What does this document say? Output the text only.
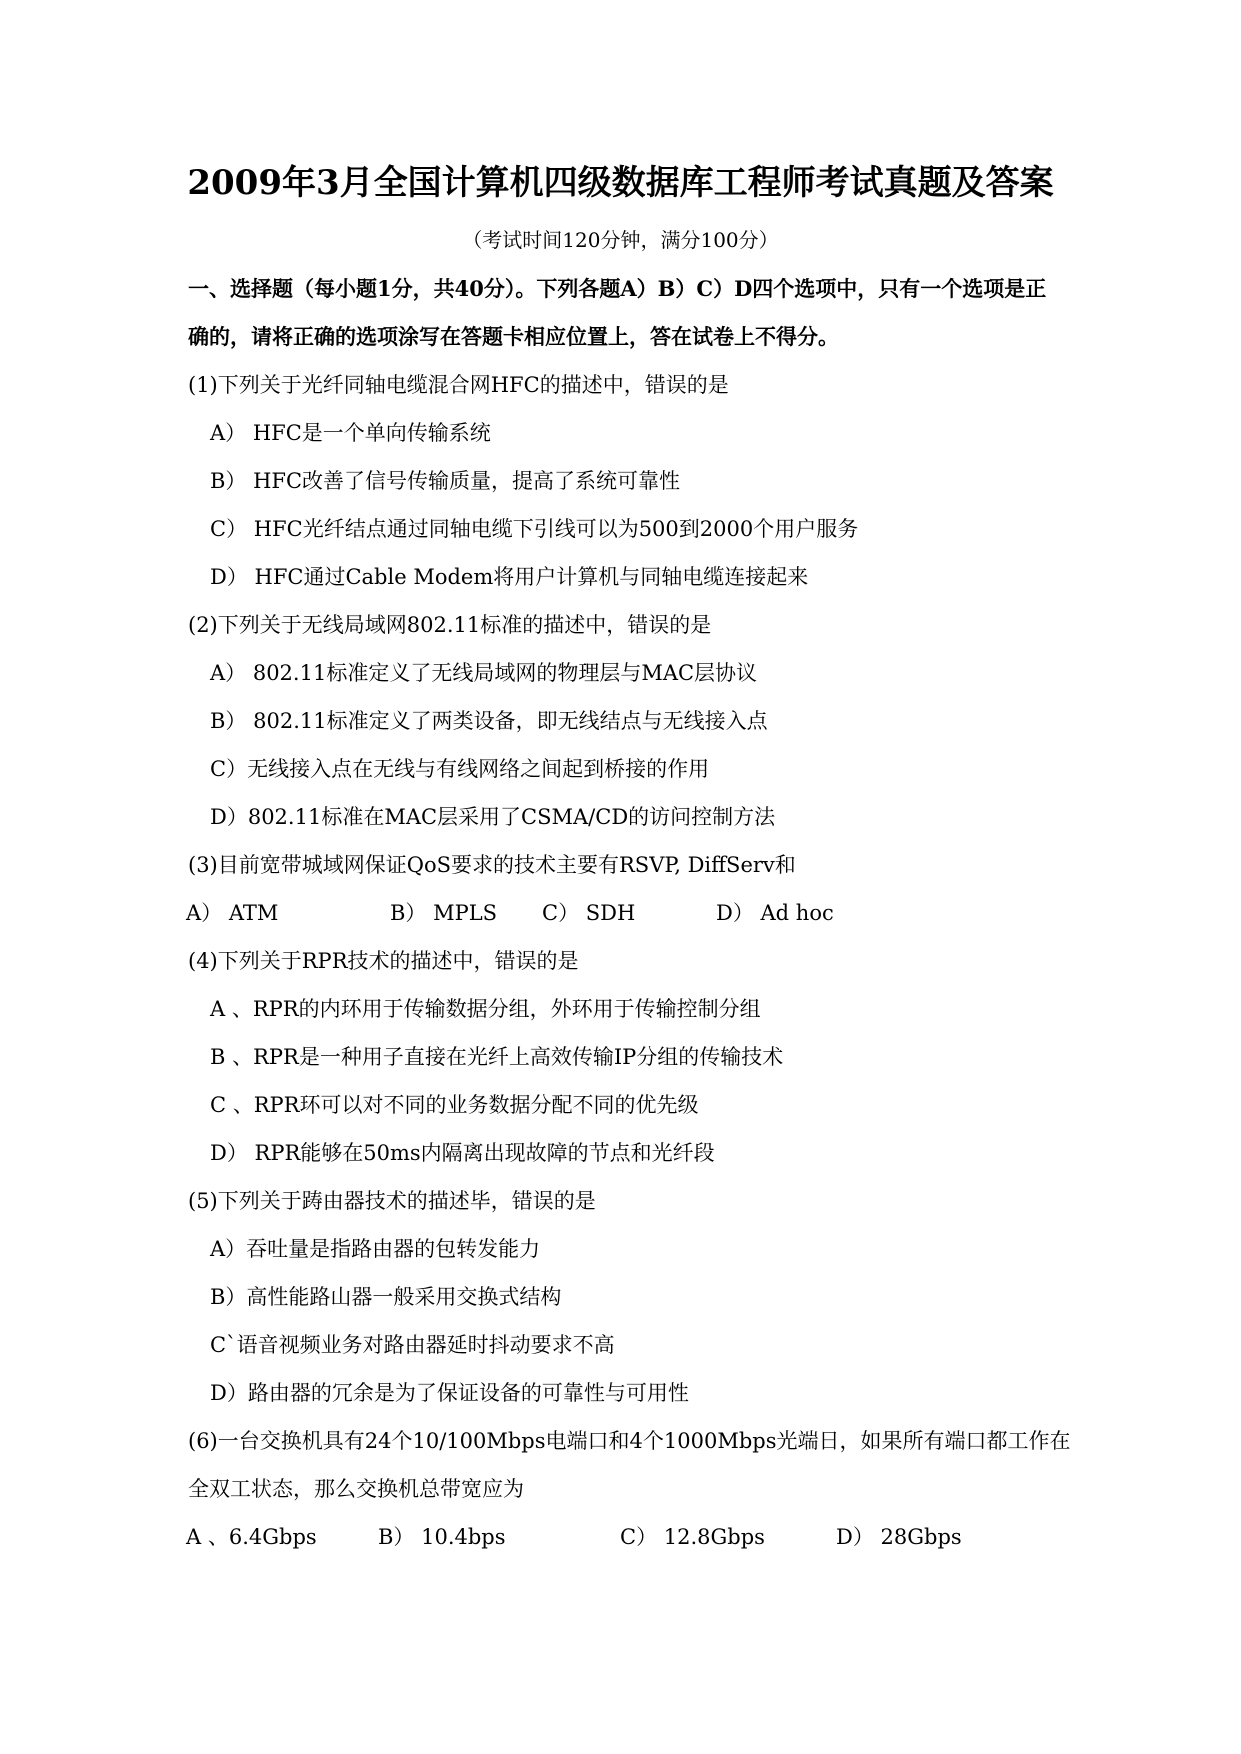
2009年3月全国计算机四级数据库工程师考试真题及答案
（考试时间120分钟，满分100分）
一、选择题（每小题1分，共40分）。下列各题A）B）C）D四个选项中，只有一个选项是正
确的，请将正确的选项涂写在答题卡相应位置上，答在试卷上不得分。
(1)下列关于光纤同轴电缆混合网HFC的描述中，错误的是
A） HFC是一个单向传输系统
B） HFC改善了信号传输质量，提高了系统可靠性
C） HFC光纤结点通过同轴电缆下引线可以为500到2000个用户服务
D） HFC通过Cable Modem将用户计算机与同轴电缆连接起来
(2)下列关于无线局域网802.11标准的描述中，错误的是
A） 802.11标准定义了无线局域网的物理层与MAC层协议
B） 802.11标准定义了两类设备，即无线结点与无线接入点
C）无线接入点在无线与有线网络之间起到桥接的作用
D）802.11标准在MAC层采用了CSMA/CD的访问控制方法
(3)目前宽带城域网保证QoS要求的技术主要有RSVP, DiffServ和
A） ATM	B） MPLS C） SDH	D） Ad hoc
(4)下列关于RPR技术的描述中，错误的是
A 、RPR的内环用于传输数据分组，外环用于传输控制分组
B 、RPR是一种用子直接在光纤上高效传输IP分组的传输技术
C 、RPR环可以对不同的业务数据分配不同的优先级
D） RPR能够在50ms内隔离出现故障的节点和光纤段
(5)下列关于踌由器技术的描述毕，错误的是
A）吞吐量是指路由器的包转发能力
B）高性能路山器一般采用交换式结构
C`语音视频业务对路由器延时抖动要求不高
D）路由器的冗余是为了保证设备的可靠性与可用性
(6)一台交换机具有24个10/100Mbps电端口和4个1000Mbps光端日，如果所有端口都工作在
全双工状态，那么交换机总带宽应为
A 、6.4Gbps	B） 10.4bps	C） 12.8Gbps	D） 28Gbps
